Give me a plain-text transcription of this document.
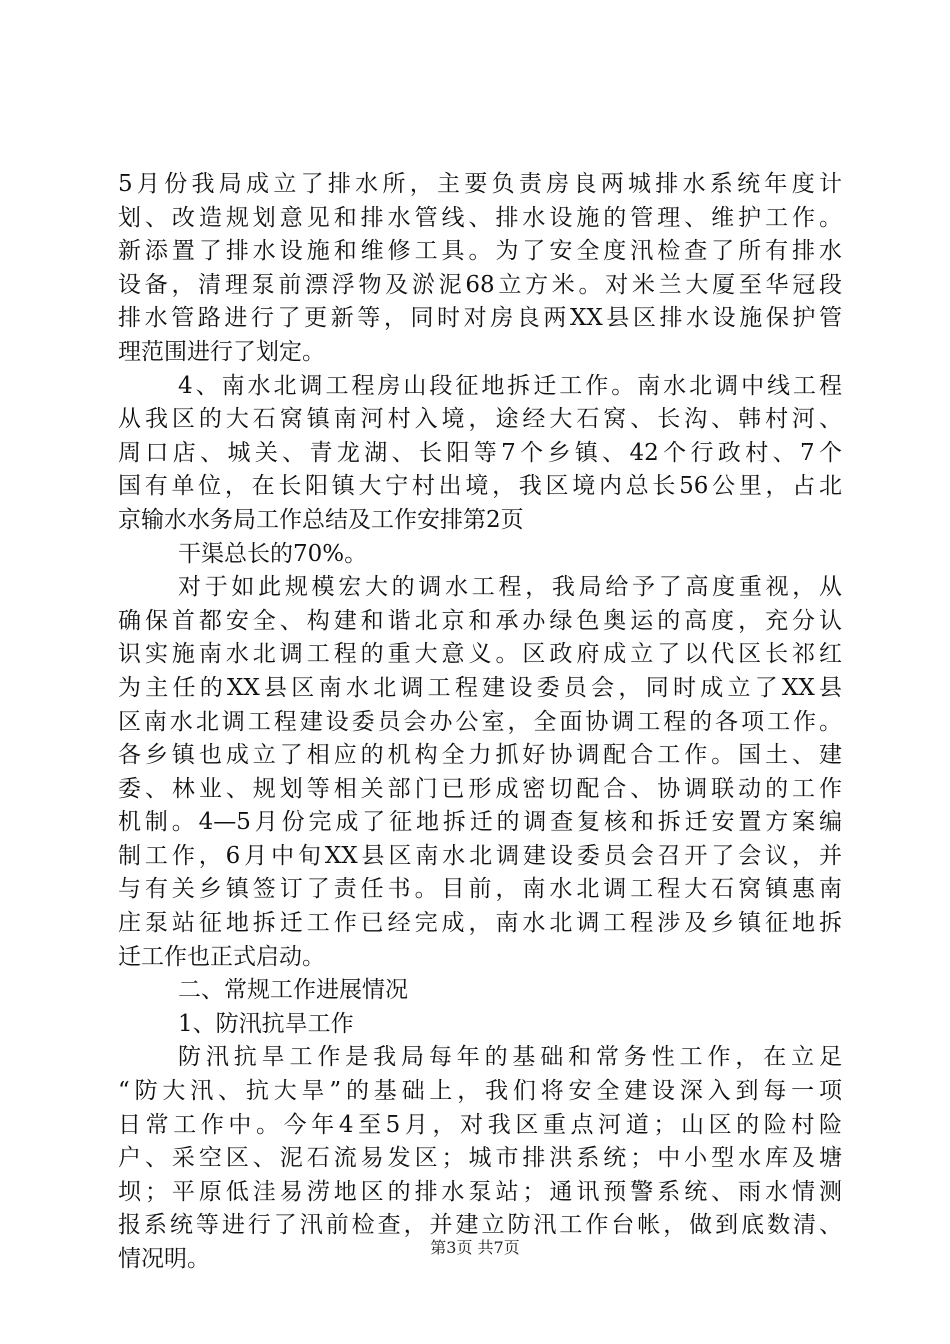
5月份我局成立了排水所，主要负责房良两城排水系统年度计
划、改造规划意见和排水管线、排水设施的管理、维护工作。
新添置了排水设施和维修工具。为了安全度汛检查了所有排水
设备，清理泵前漂浮物及淤泥68立方米。对米兰大厦至华冠段
排水管路进行了更新等，同时对房良两XX县区排水设施保护管
理范围进行了划定。
4、南水北调工程房山段征地拆迁工作。南水北调中线工程
从我区的大石窝镇南河村入境，途经大石窝、长沟、韩村河、
周口店、城关、青龙湖、长阳等7个乡镇、42个行政村、7个
国有单位，在长阳镇大宁村出境，我区境内总长56公里，占北
京输水水务局工作总结及工作安排第2页
干渠总长的70%。
对于如此规模宏大的调水工程，我局给予了高度重视，从
确保首都安全、构建和谐北京和承办绿色奥运的高度，充分认
识实施南水北调工程的重大意义。区政府成立了以代区长祁红
为主任的XX县区南水北调工程建设委员会，同时成立了XX县
区南水北调工程建设委员会办公室，全面协调工程的各项工作。
各乡镇也成立了相应的机构全力抓好协调配合工作。国土、建
委、林业、规划等相关部门已形成密切配合、协调联动的工作
机制。4—5月份完成了征地拆迁的调查复核和拆迁安置方案编
制工作，6月中旬XX县区南水北调建设委员会召开了会议，并
与有关乡镇签订了责任书。目前，南水北调工程大石窝镇惠南
庄泵站征地拆迁工作已经完成，南水北调工程涉及乡镇征地拆
迁工作也正式启动。
二、常规工作进展情况
1、防汛抗旱工作
防汛抗旱工作是我局每年的基础和常务性工作，在立足
“防大汛、抗大旱”的基础上，我们将安全建设深入到每一项
日常工作中。今年4至5月，对我区重点河道；山区的险村险
户、采空区、泥石流易发区；城市排洪系统；中小型水库及塘
坝；平原低洼易涝地区的排水泵站；通讯预警系统、雨水情测
报系统等进行了汛前检查，并建立防汛工作台帐，做到底数清、
情况明。	第3页 共7页
